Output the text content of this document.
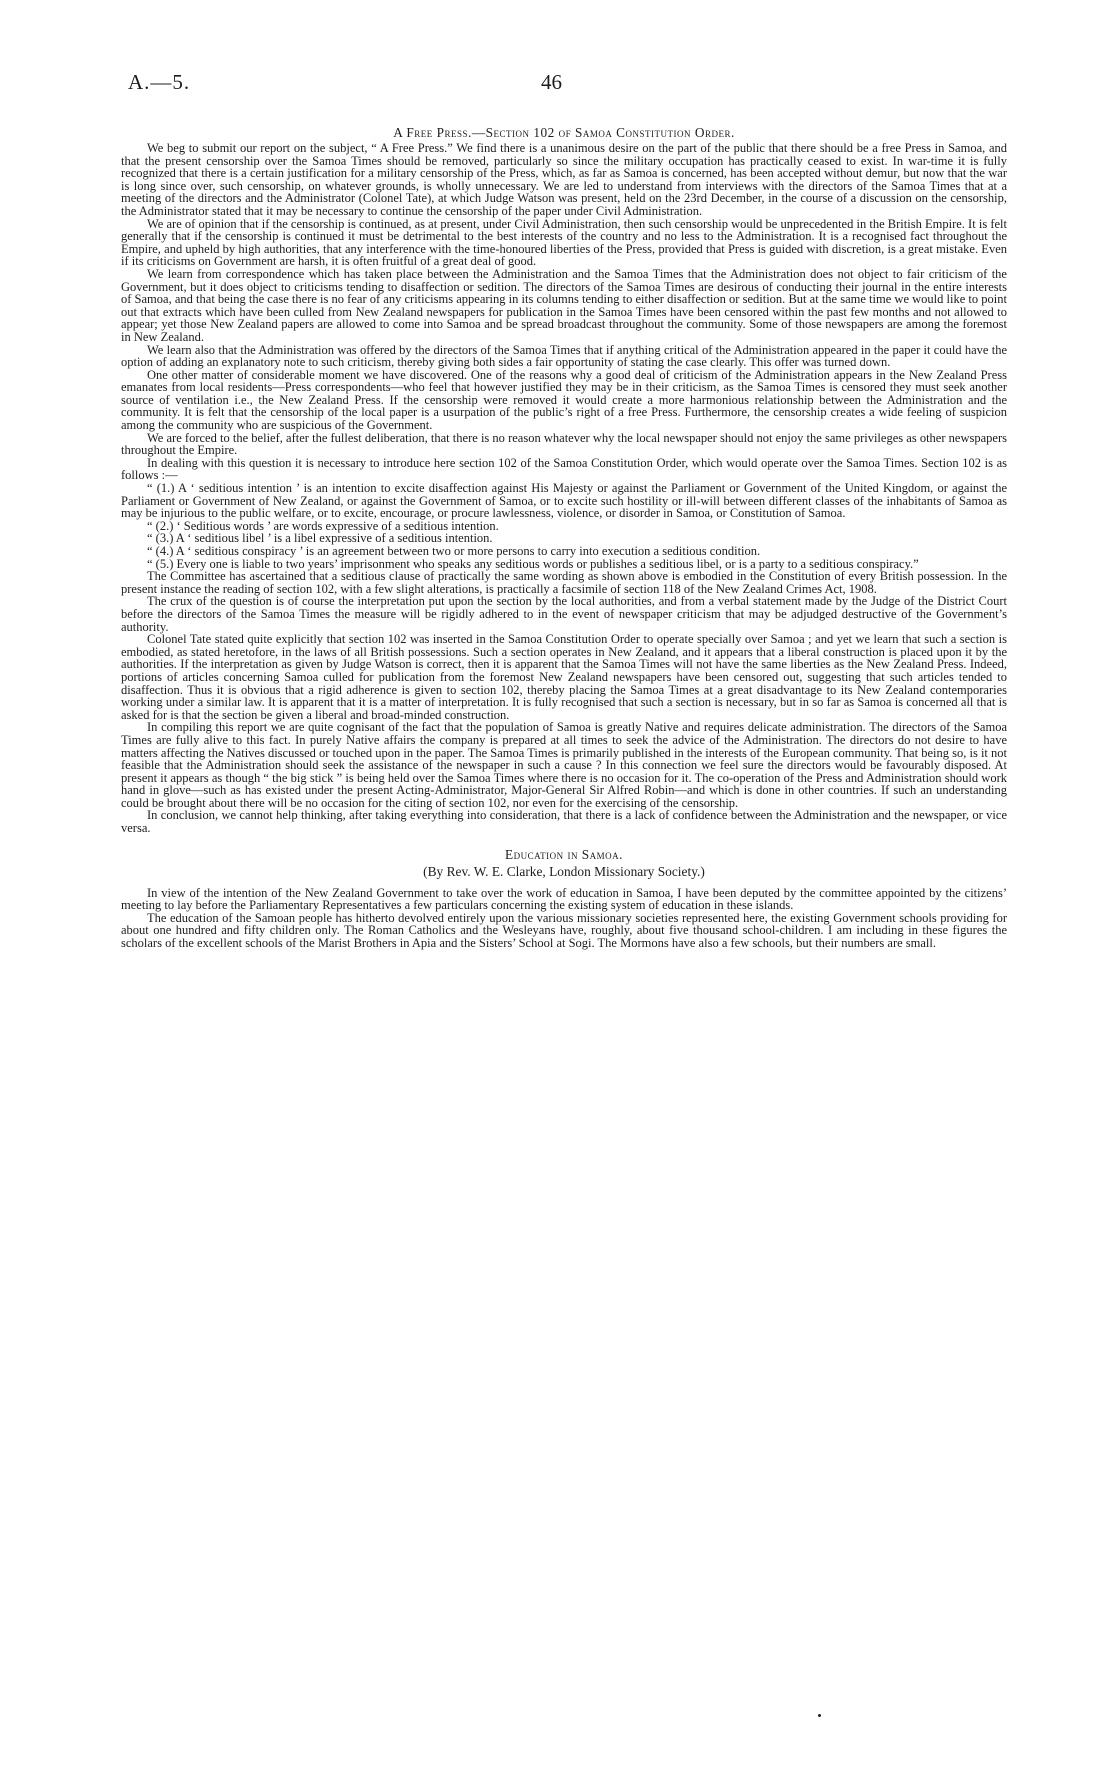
A.—5.	46
A Free Press.—Section 102 of Samoa Constitution Order.

We beg to submit our report on the subject, “ A Free Press.” We find there is a unanimous desire on the part of the public that there should be a free Press in Samoa, and that the present censorship over the Samoa Times should be removed, particularly so since the military occupation has practically ceased to exist. In war-time it is fully recognized that there is a certain justification for a military censorship of the Press, which, as far as Samoa is concerned, has been accepted without demur, but now that the war is long since over, such censorship, on whatever grounds, is wholly unnecessary. We are led to understand from interviews with the directors of the Samoa Times that at a meeting of the directors and the Administrator (Colonel Tate), at which Judge Watson was present, held on the 23rd December, in the course of a discussion on the censorship, the Administrator stated that it may be necessary to continue the censorship of the paper under Civil Administration.

We are of opinion that if the censorship is continued, as at present, under Civil Administration, then such censorship would be unprecedented in the British Empire. It is felt generally that if the censorship is continued it must be detrimental to the best interests of the country and no less to the Administration. It is a recognised fact throughout the Empire, and upheld by high authorities, that any interference with the time-honoured liberties of the Press, provided that Press is guided with discretion, is a great mistake. Even if its criticisms on Government are harsh, it is often fruitful of a great deal of good.

We learn from correspondence which has taken place between the Administration and the Samoa Times that the Administration does not object to fair criticism of the Government, but it does object to criticisms tending to disaffection or sedition. The directors of the Samoa Times are desirous of conducting their journal in the entire interests of Samoa, and that being the case there is no fear of any criticisms appearing in its columns tending to either disaffection or sedition. But at the same time we would like to point out that extracts which have been culled from New Zealand newspapers for publication in the Samoa Times have been censored within the past few months and not allowed to appear; yet those New Zealand papers are allowed to come into Samoa and be spread broadcast throughout the community. Some of those newspapers are among the foremost in New Zealand.

We learn also that the Administration was offered by the directors of the Samoa Times that if anything critical of the Administration appeared in the paper it could have the option of adding an explanatory note to such criticism, thereby giving both sides a fair opportunity of stating the case clearly. This offer was turned down.

One other matter of considerable moment we have discovered. One of the reasons why a good deal of criticism of the Administration appears in the New Zealand Press emanates from local residents—Press correspondents—who feel that however justified they may be in their criticism, as the Samoa Times is censored they must seek another source of ventilation i.e., the New Zealand Press. If the censorship were removed it would create a more harmonious relationship between the Administration and the community. It is felt that the censorship of the local paper is a usurpation of the public’s right of a free Press. Furthermore, the censorship creates a wide feeling of suspicion among the community who are suspicious of the Government.

We are forced to the belief, after the fullest deliberation, that there is no reason whatever why the local newspaper should not enjoy the same privileges as other newspapers throughout the Empire.

In dealing with this question it is necessary to introduce here section 102 of the Samoa Constitution Order, which would operate over the Samoa Times. Section 102 is as follows :—

“ (1.) A ‘ seditious intention ’ is an intention to excite disaffection against His Majesty or against the Parliament or Government of the United Kingdom, or against the Parliament or Government of New Zealand, or against the Government of Samoa, or to excite such hostility or ill-will between different classes of the inhabitants of Samoa as may be injurious to the public welfare, or to excite, encourage, or procure lawlessness, violence, or disorder in Samoa, or Constitution of Samoa.

“ (2.) ‘ Seditious words ’ are words expressive of a seditious intention.

“ (3.) A ‘ seditious libel ’ is a libel expressive of a seditious intention.

“ (4.) A ‘ seditious conspiracy ’ is an agreement between two or more persons to carry into execution a seditious condition.

“ (5.) Every one is liable to two years’ imprisonment who speaks any seditious words or publishes a seditious libel, or is a party to a seditious conspiracy.”

The Committee has ascertained that a seditious clause of practically the same wording as shown above is embodied in the Constitution of every British possession. In the present instance the reading of section 102, with a few slight alterations, is practically a facsimile of section 118 of the New Zealand Crimes Act, 1908.

The crux of the question is of course the interpretation put upon the section by the local authorities, and from a verbal statement made by the Judge of the District Court before the directors of the Samoa Times the measure will be rigidly adhered to in the event of newspaper criticism that may be adjudged destructive of the Government’s authority.

Colonel Tate stated quite explicitly that section 102 was inserted in the Samoa Constitution Order to operate specially over Samoa ; and yet we learn that such a section is embodied, as stated heretofore, in the laws of all British possessions. Such a section operates in New Zealand, and it appears that a liberal construction is placed upon it by the authorities. If the interpretation as given by Judge Watson is correct, then it is apparent that the Samoa Times will not have the same liberties as the New Zealand Press. Indeed, portions of articles concerning Samoa culled for publication from the foremost New Zealand newspapers have been censored out, suggesting that such articles tended to disaffection. Thus it is obvious that a rigid adherence is given to section 102, thereby placing the Samoa Times at a great disadvantage to its New Zealand contemporaries working under a similar law. It is apparent that it is a matter of interpretation. It is fully recognised that such a section is necessary, but in so far as Samoa is concerned all that is asked for is that the section be given a liberal and broad-minded construction.

In compiling this report we are quite cognisant of the fact that the population of Samoa is greatly Native and requires delicate administration. The directors of the Samoa Times are fully alive to this fact. In purely Native affairs the company is prepared at all times to seek the advice of the Administration. The directors do not desire to have matters affecting the Natives discussed or touched upon in the paper. The Samoa Times is primarily published in the interests of the European community. That being so, is it not feasible that the Administration should seek the assistance of the newspaper in such a cause ? In this connection we feel sure the directors would be favourably disposed. At present it appears as though “ the big stick ” is being held over the Samoa Times where there is no occasion for it. The co-operation of the Press and Administration should work hand in glove—such as has existed under the present Acting-Administrator, Major-General Sir Alfred Robin—and which is done in other countries. If such an understanding could be brought about there will be no occasion for the citing of section 102, nor even for the exercising of the censorship.

In conclusion, we cannot help thinking, after taking everything into consideration, that there is a lack of confidence between the Administration and the newspaper, or vice versa.

Education in Samoa.
(By Rev. W. E. Clarke, London Missionary Society.)

In view of the intention of the New Zealand Government to take over the work of education in Samoa, I have been deputed by the committee appointed by the citizens’ meeting to lay before the Parliamentary Representatives a few particulars concerning the existing system of education in these islands.

The education of the Samoan people has hitherto devolved entirely upon the various missionary societies represented here, the existing Government schools providing for about one hundred and fifty children only. The Roman Catholics and the Wesleyans have, roughly, about five thousand school-children. I am including in these figures the scholars of the excellent schools of the Marist Brothers in Apia and the Sisters’ School at Sogi. The Mormons have also a few schools, but their numbers are small.
